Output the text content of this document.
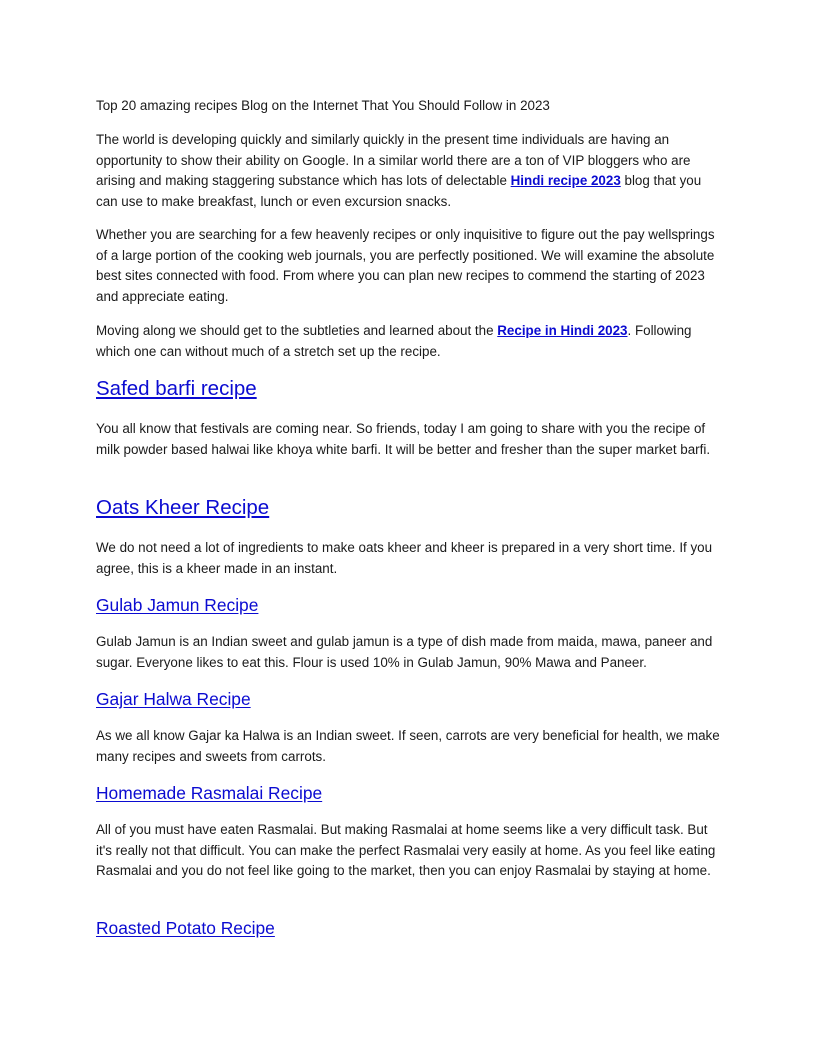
Top 20 amazing recipes Blog on the Internet That You Should Follow in 2023

The world is developing quickly and similarly quickly in the present time individuals are having an opportunity to show their ability on Google. In a similar world there are a ton of VIP bloggers who are arising and making staggering substance which has lots of delectable Hindi recipe 2023 blog that you can use to make breakfast, lunch or even excursion snacks.

Whether you are searching for a few heavenly recipes or only inquisitive to figure out the pay wellsprings of a large portion of the cooking web journals, you are perfectly positioned. We will examine the absolute best sites connected with food. From where you can plan new recipes to commend the starting of 2023 and appreciate eating.

Moving along we should get to the subtleties and learned about the Recipe in Hindi 2023. Following which one can without much of a stretch set up the recipe.

Safed barfi recipe

You all know that festivals are coming near. So friends, today I am going to share with you the recipe of milk powder based halwai like khoya white barfi. It will be better and fresher than the super market barfi.

Oats Kheer Recipe

We do not need a lot of ingredients to make oats kheer and kheer is prepared in a very short time. If you agree, this is a kheer made in an instant.

Gulab Jamun Recipe

Gulab Jamun is an Indian sweet and gulab jamun is a type of dish made from maida, mawa, paneer and sugar. Everyone likes to eat this. Flour is used 10% in Gulab Jamun, 90% Mawa and Paneer.

Gajar Halwa Recipe

As we all know Gajar ka Halwa is an Indian sweet. If seen, carrots are very beneficial for health, we make many recipes and sweets from carrots.

Homemade Rasmalai Recipe

All of you must have eaten Rasmalai. But making Rasmalai at home seems like a very difficult task. But it's really not that difficult. You can make the perfect Rasmalai very easily at home. As you feel like eating Rasmalai and you do not feel like going to the market, then you can enjoy Rasmalai by staying at home.

Roasted Potato Recipe
